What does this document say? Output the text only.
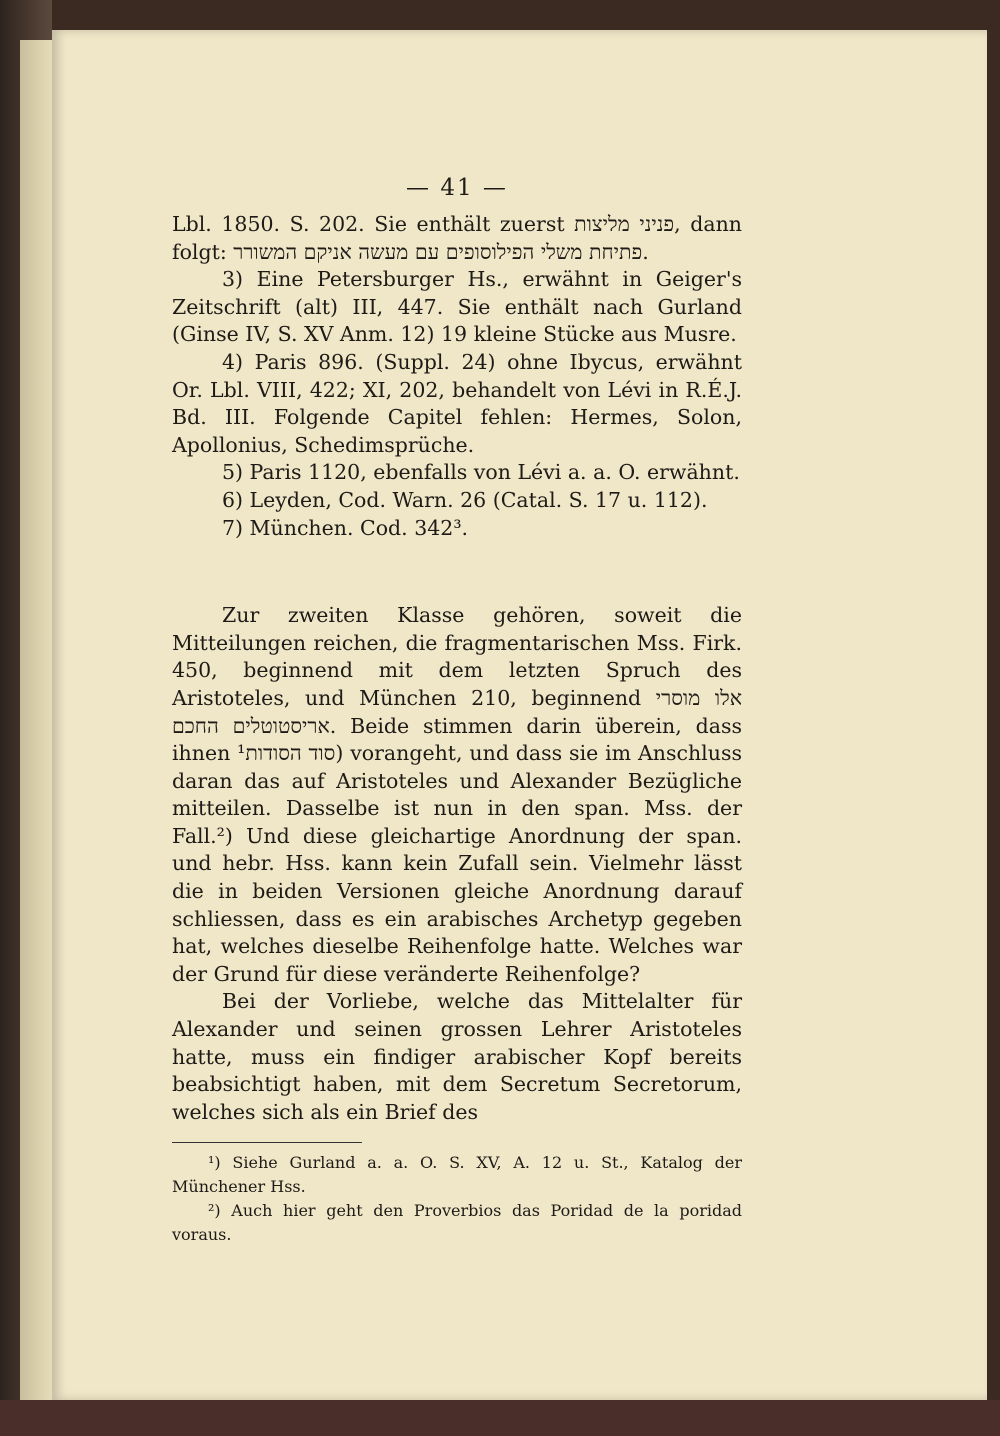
— 41 —

Lbl. 1850. S. 202. Sie enthält zuerst פניני מליצות, dann folgt: פתיחת משלי הפילוסופים עם מעשה אניקם המשורר.

3) Eine Petersburger Hs., erwähnt in Geiger's Zeitschrift (alt) III, 447. Sie enthält nach Gurland (Ginse IV, S. XV Anm. 12) 19 kleine Stücke aus Musre.

4) Paris 896. (Suppl. 24) ohne Ibycus, erwähnt Or. Lbl. VIII, 422; XI, 202, behandelt von Lévi in R.É.J. Bd. III. Folgende Capitel fehlen: Hermes, Solon, Apollonius, Schedimsprüche.

5) Paris 1120, ebenfalls von Lévi a. a. O. erwähnt.

6) Leyden, Cod. Warn. 26 (Catal. S. 17 u. 112).

7) München. Cod. 342³.

Zur zweiten Klasse gehören, soweit die Mitteilungen reichen, die fragmentarischen Mss. Firk. 450, beginnend mit dem letzten Spruch des Aristoteles, und München 210, beginnend אלו מוסרי אריסטוטלים החכם. Beide stimmen darin überein, dass ihnen סוד הסודות¹) vorangeht, und dass sie im Anschluss daran das auf Aristoteles und Alexander Bezügliche mitteilen. Dasselbe ist nun in den span. Mss. der Fall.²) Und diese gleichartige Anordnung der span. und hebr. Hss. kann kein Zufall sein. Vielmehr lässt die in beiden Versionen gleiche Anordnung darauf schliessen, dass es ein arabisches Archetyp gegeben hat, welches dieselbe Reihenfolge hatte. Welches war der Grund für diese veränderte Reihenfolge?

Bei der Vorliebe, welche das Mittelalter für Alexander und seinen grossen Lehrer Aristoteles hatte, muss ein findiger arabischer Kopf bereits beabsichtigt haben, mit dem Secretum Secretorum, welches sich als ein Brief des

¹) Siehe Gurland a. a. O. S. XV, A. 12 u. St., Katalog der Münchener Hss.

²) Auch hier geht den Proverbios das Poridad de la poridad voraus.
